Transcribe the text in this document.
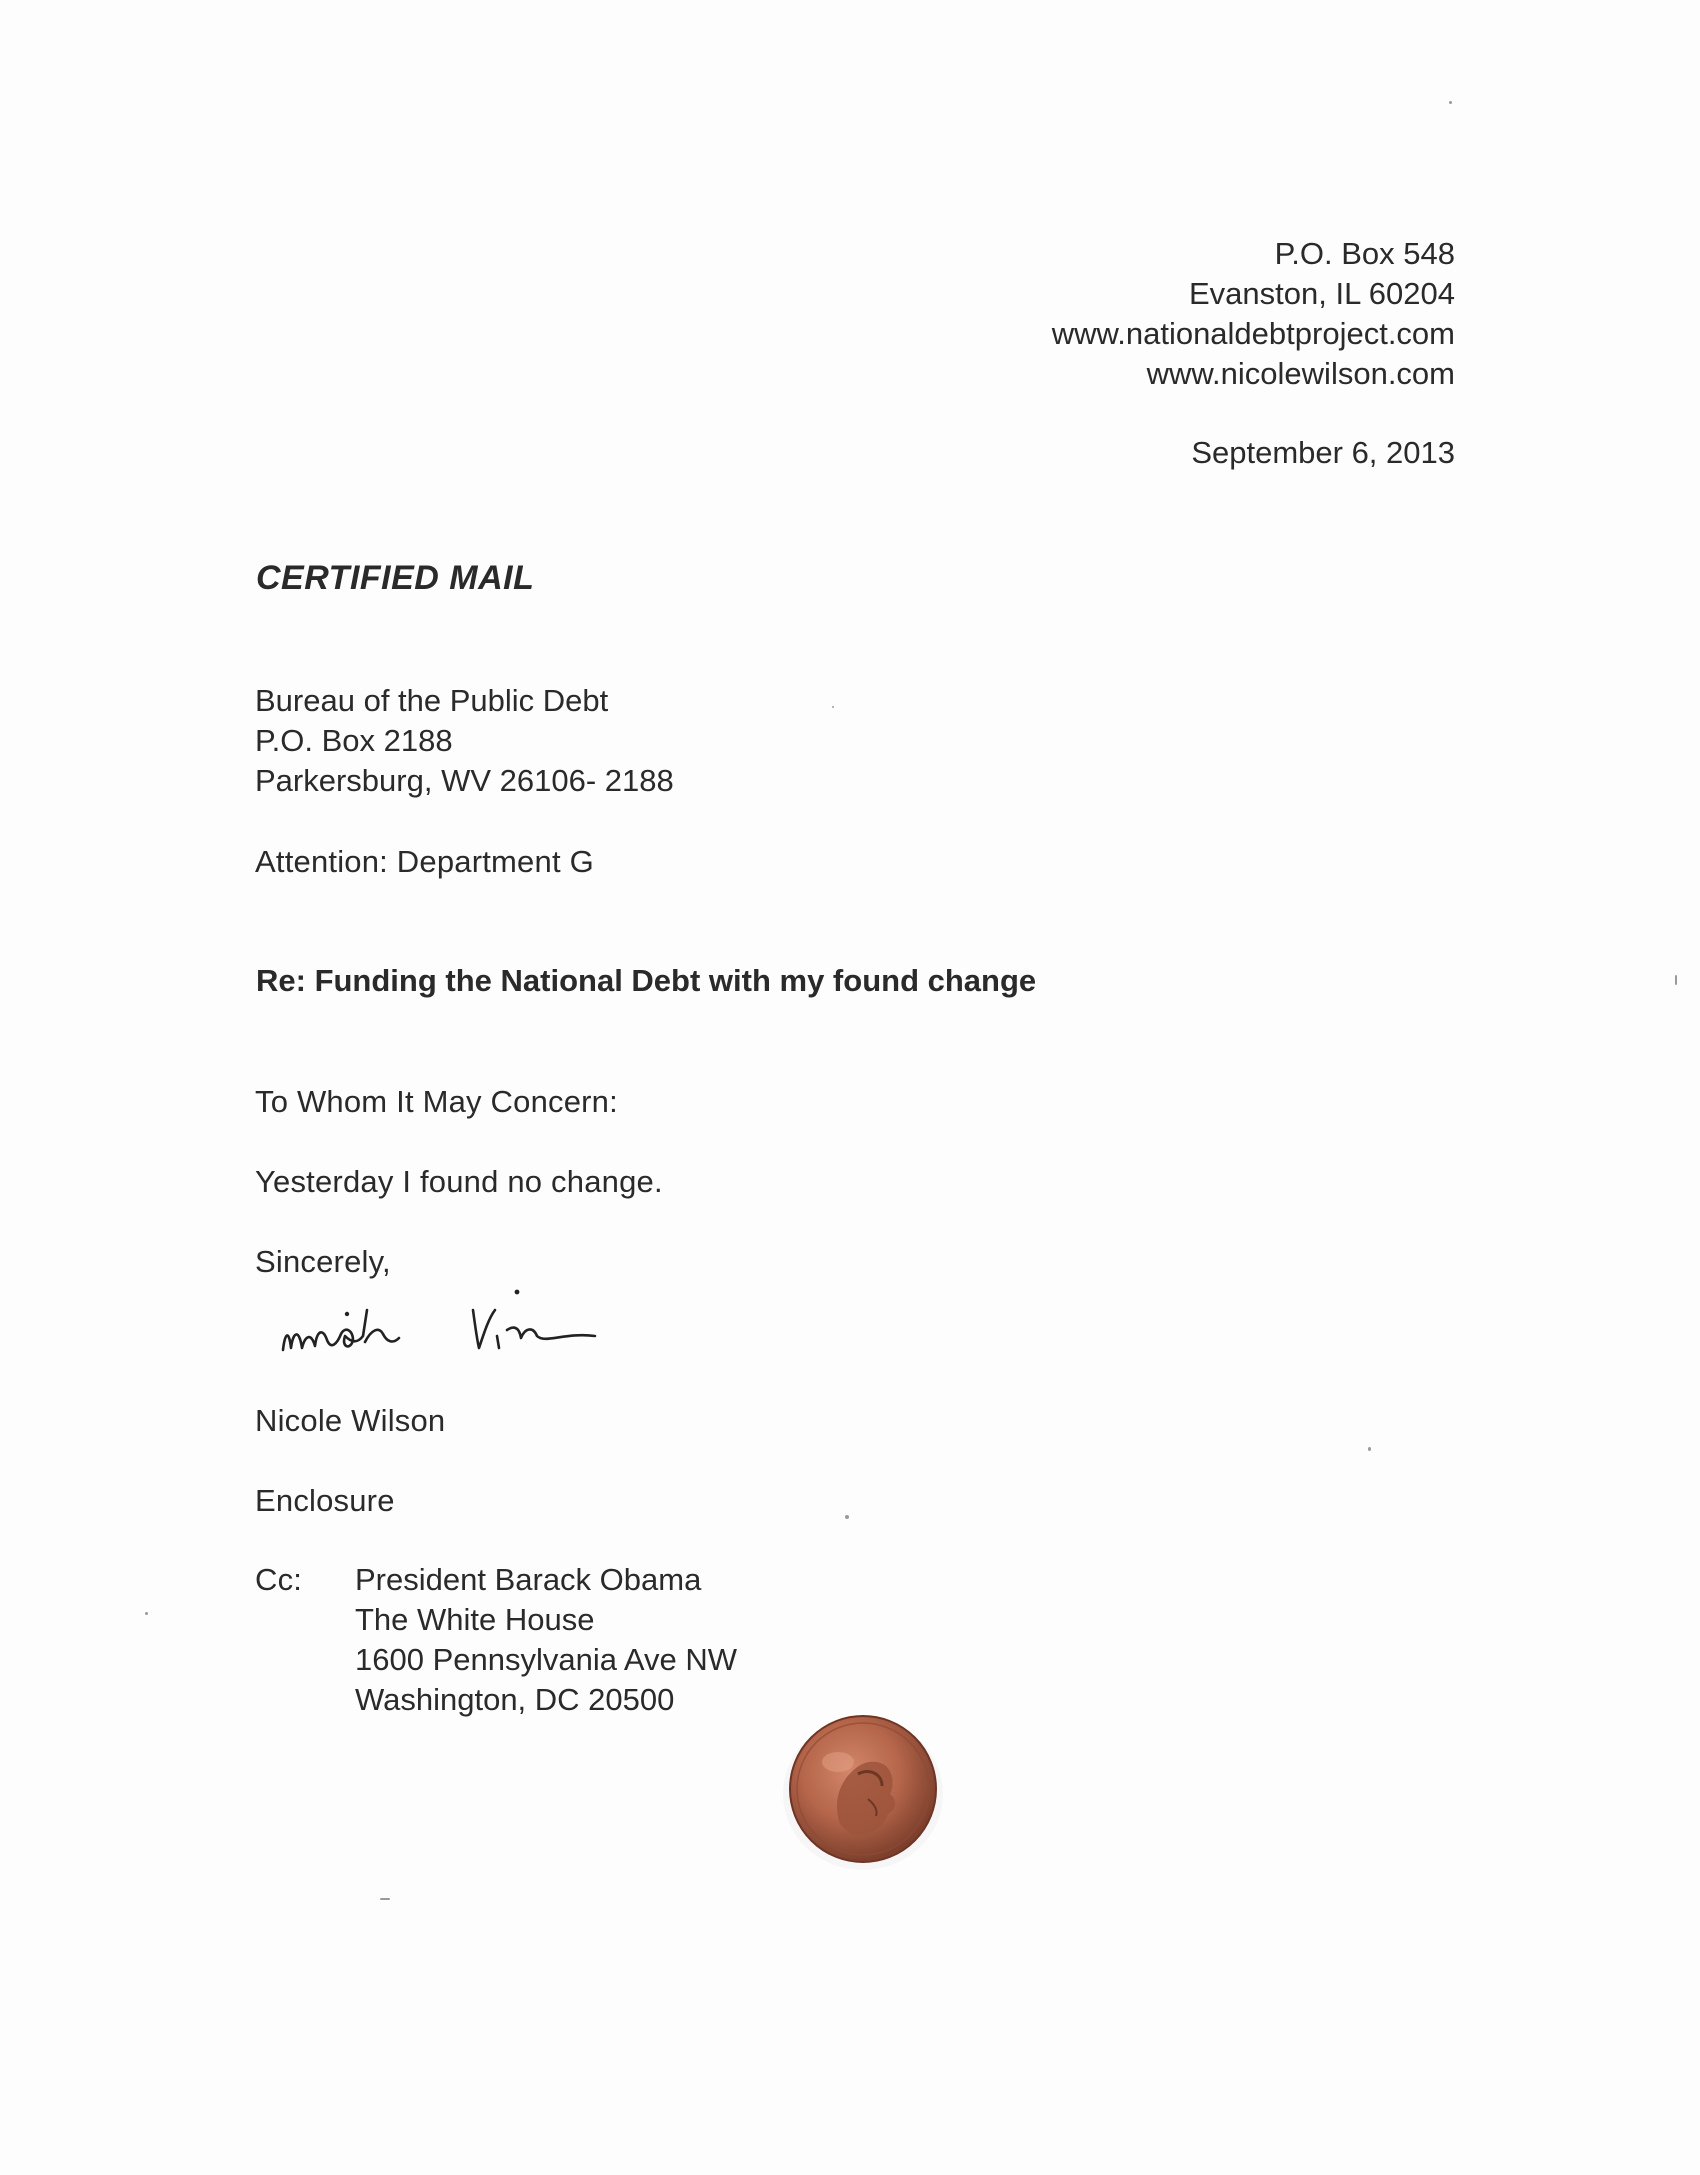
P.O. Box 548
Evanston, IL 60204
www.nationaldebtproject.com
www.nicolewilson.com
September 6, 2013
CERTIFIED MAIL
Bureau of the Public Debt
P.O. Box 2188
Parkersburg, WV 26106- 2188
Attention: Department G
Re: Funding the National Debt with my found change
To Whom It May Concern:
Yesterday I found no change.
Sincerely,
Nicole Wilson
Enclosure
Cc: President Barack Obama
The White House
1600 Pennsylvania Ave NW
Washington, DC 20500
